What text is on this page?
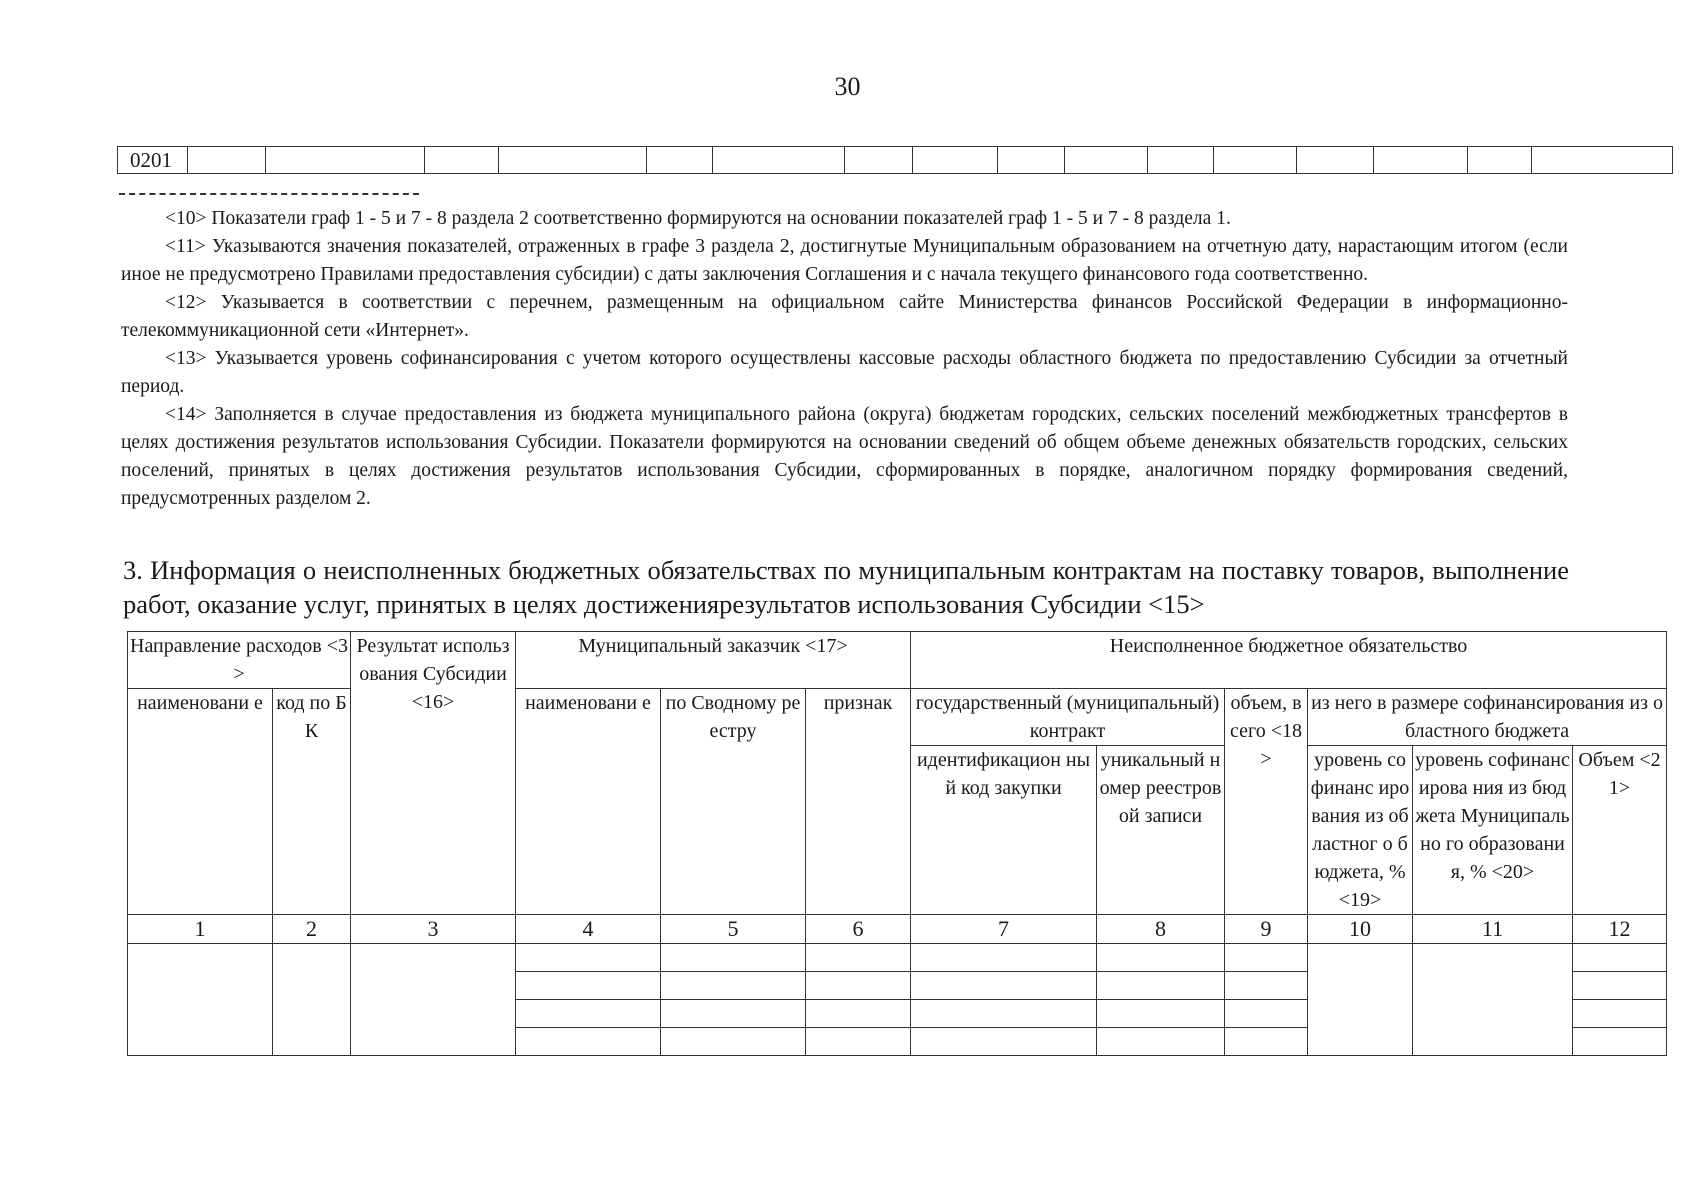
30
0201																

<10> Показатели граф 1 - 5 и 7 - 8 раздела 2 соответственно формируются на основании показателей граф 1 - 5 и 7 - 8 раздела 1.

<11> Указываются значения показателей, отраженных в графе 3 раздела 2, достигнутые Муниципальным образованием на отчетную дату, нарастающим итогом (если иное не предусмотрено Правилами предоставления субсидии) с даты заключения Соглашения и с начала текущего финансового года соответственно.

<12> Указывается в соответствии с перечнем, размещенным на официальном сайте Министерства финансов Российской Федерации в информационно-телекоммуникационной сети «Интернет».

<13> Указывается уровень софинансирования с учетом которого осуществлены кассовые расходы областного бюджета по предоставлению Субсидии за отчетный период.

<14> Заполняется в случае предоставления из бюджета муниципального района (округа) бюджетам городских, сельских поселений межбюджетных трансфертов в целях достижения результатов использования Субсидии. Показатели формируются на основании сведений об общем объеме денежных обязательств городских, сельских поселений, принятых в целях достижения результатов использования Субсидии, сформированных в порядке, аналогичном порядку формирования сведений, предусмотренных разделом 2.

3. Информация о неисполненных бюджетных обязательствах по муниципальным контрактам на поставку товаров, выполнение работ, оказание услуг, принятых в целях достижениярезультатов использования Субсидии <15>
Направление расходов <3>		Результат использования Субсидии <16>	Муниципальный заказчик <17>			Неисполненное бюджетное обязательство					
наименовани е	код по БК		наименовани е	по Сводному реестру	признак	государственный (муниципальный) контракт		объем, всего <18>	из него в размере софинансирования из областного бюджета		
						идентификацион ный код закупки	уникальный номер реестровой записи		уровень софинанс ирования из областног о бюджета, % <19>	уровень софинансирова ния из бюджета Муниципально го образования, % <20>	Объем <21>

1	2	3	4	5	6	7	8	9	10	11	12
